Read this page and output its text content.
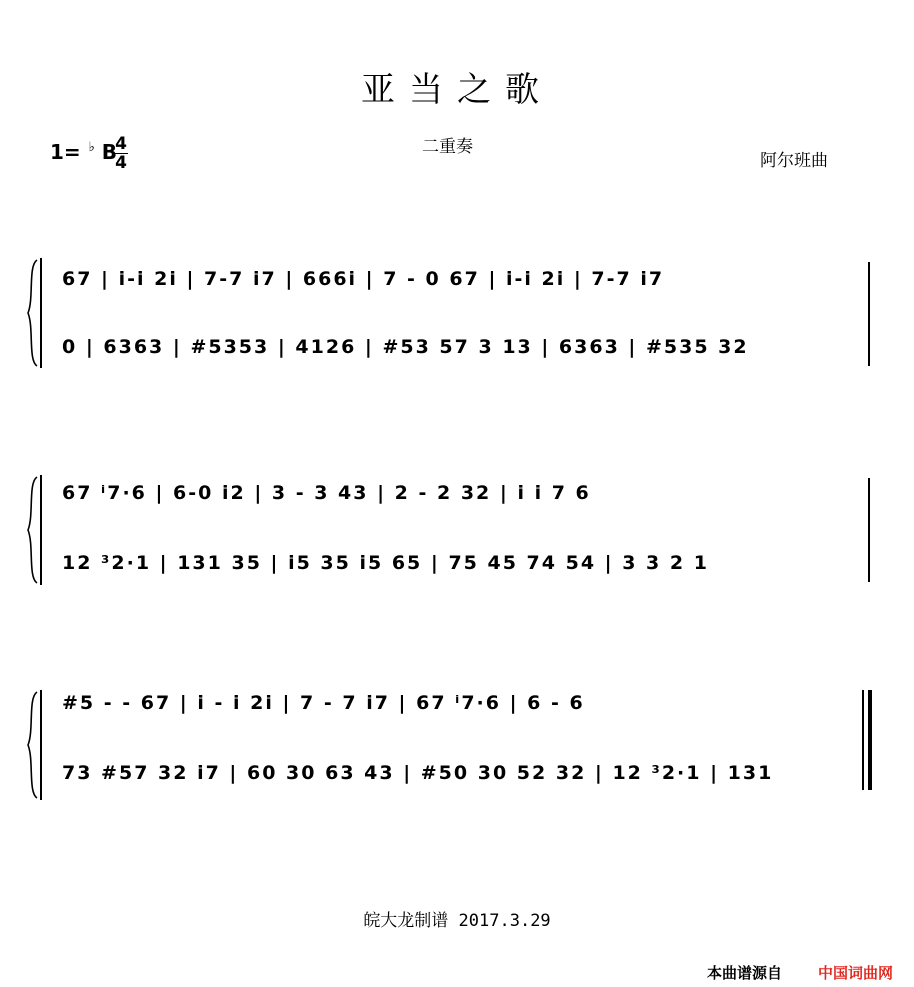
亚当之歌
1= ♭ B
4
4
二重奏
阿尔班曲
67 | i-i 2i | 7-7 i7 | 666i | 7 - 0 67 | i-i 2i | 7-7 i7
0 | 6363 | #5353 | 4126 | #53 57 3 13 | 6363 | #535 32
67 ⁱ7·6 | 6-0 i2 | 3 - 3 43 | 2 - 2 32 | i i 7 6
12 ³2·1 | 131 35 | i5 35 i5 65 | 75 45 74 54 | 3 3 2 1
#5 - - 67 | i - i 2i | 7 - 7 i7 | 67 ⁱ7·6 | 6 - 6
73 #57 32 i7 | 60 30 63 43 | #50 30 52 32 | 12 ³2·1 | 131
皖大龙制谱 2017.3.29
本曲谱源自 中国词曲网
